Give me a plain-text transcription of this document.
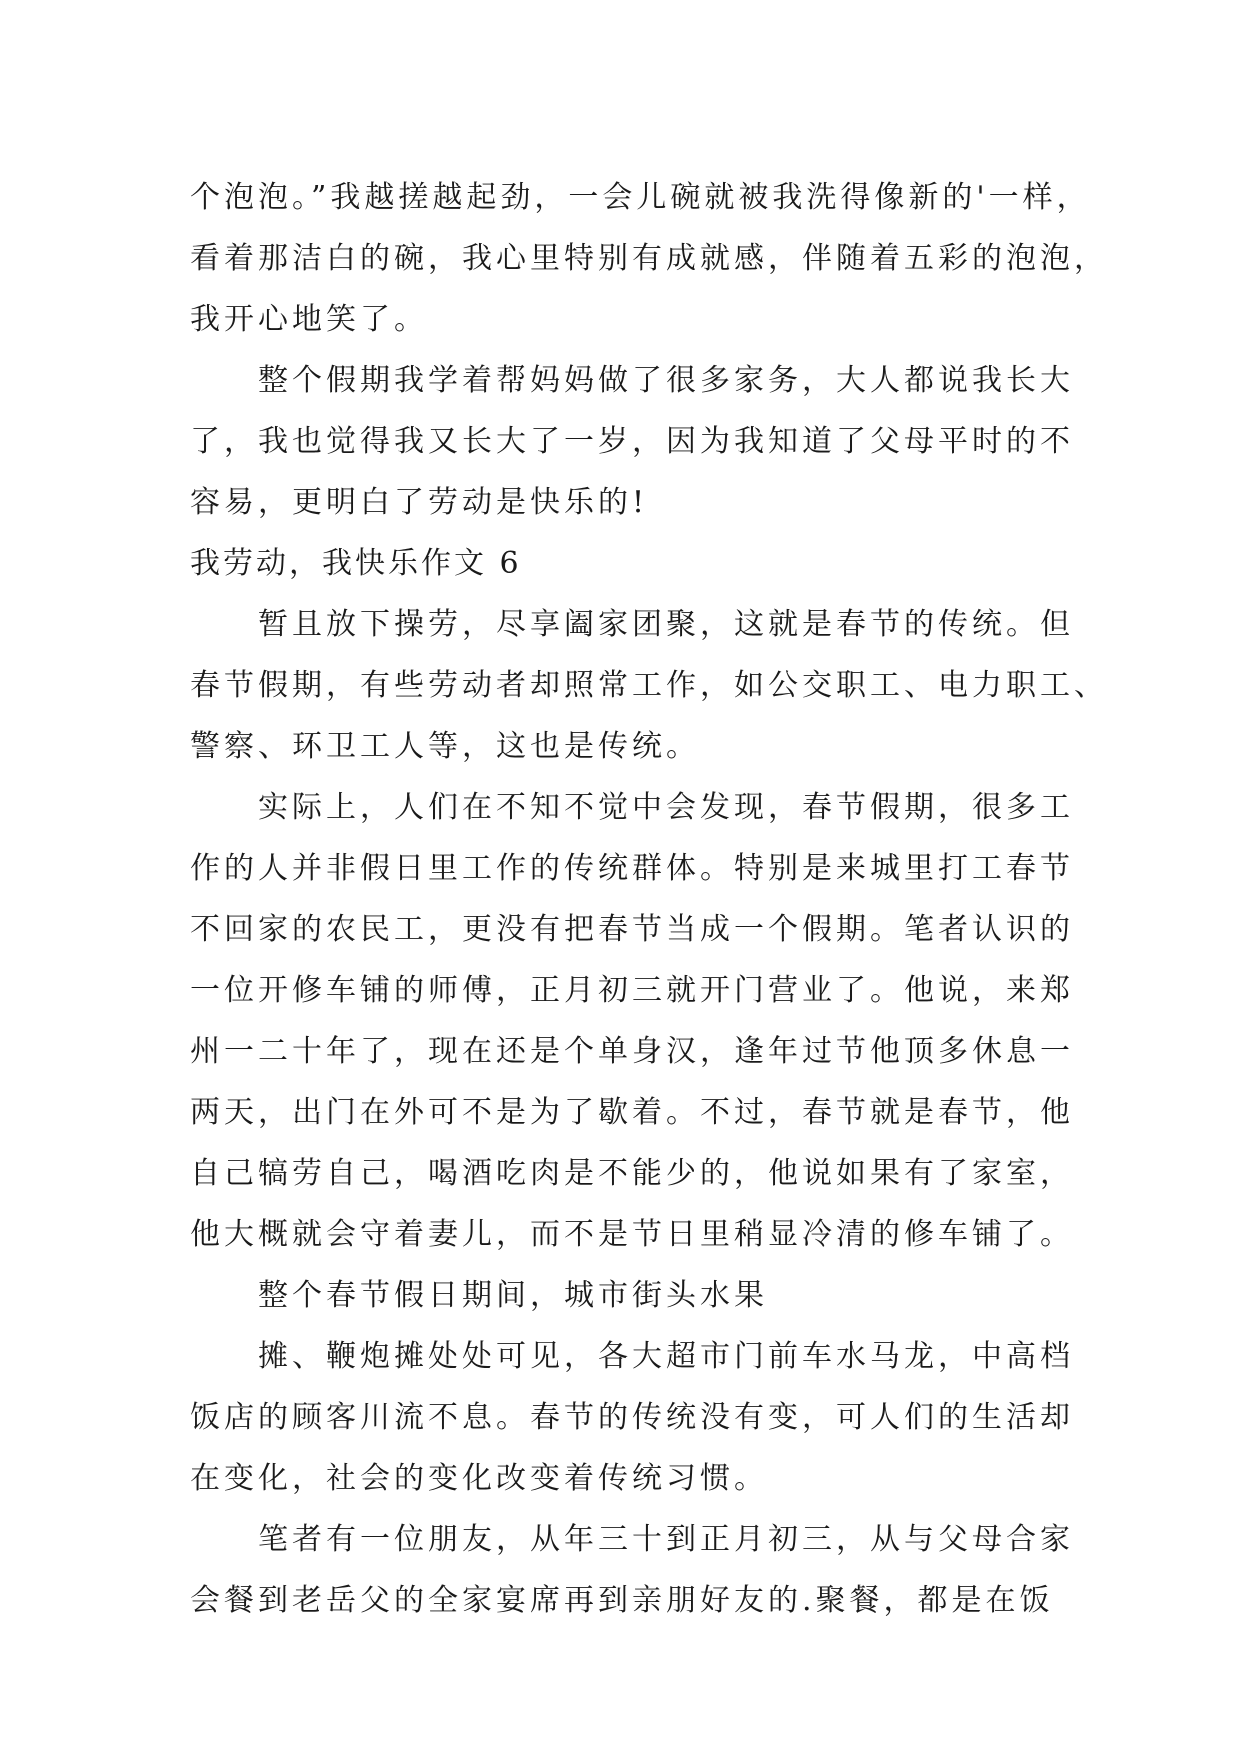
个泡泡。”我越搓越起劲，一会儿碗就被我洗得像新的'一样，
看着那洁白的碗，我心里特别有成就感，伴随着五彩的泡泡，
我开心地笑了。
整个假期我学着帮妈妈做了很多家务，大人都说我长大
了，我也觉得我又长大了一岁，因为我知道了父母平时的不
容易，更明白了劳动是快乐的!
我劳动，我快乐作文 6
暂且放下操劳，尽享阖家团聚，这就是春节的传统。但
春节假期，有些劳动者却照常工作，如公交职工、电力职工、
警察、环卫工人等，这也是传统。
实际上，人们在不知不觉中会发现，春节假期，很多工
作的人并非假日里工作的传统群体。特别是来城里打工春节
不回家的农民工，更没有把春节当成一个假期。笔者认识的
一位开修车铺的师傅，正月初三就开门营业了。他说，来郑
州一二十年了，现在还是个单身汉，逢年过节他顶多休息一
两天，出门在外可不是为了歇着。不过，春节就是春节，他
自己犒劳自己，喝酒吃肉是不能少的，他说如果有了家室，
他大概就会守着妻儿，而不是节日里稍显冷清的修车铺了。
整个春节假日期间，城市街头水果
摊、鞭炮摊处处可见，各大超市门前车水马龙，中高档
饭店的顾客川流不息。春节的传统没有变，可人们的生活却
在变化，社会的变化改变着传统习惯。
笔者有一位朋友，从年三十到正月初三，从与父母合家
会餐到老岳父的全家宴席再到亲朋好友的.聚餐，都是在饭
